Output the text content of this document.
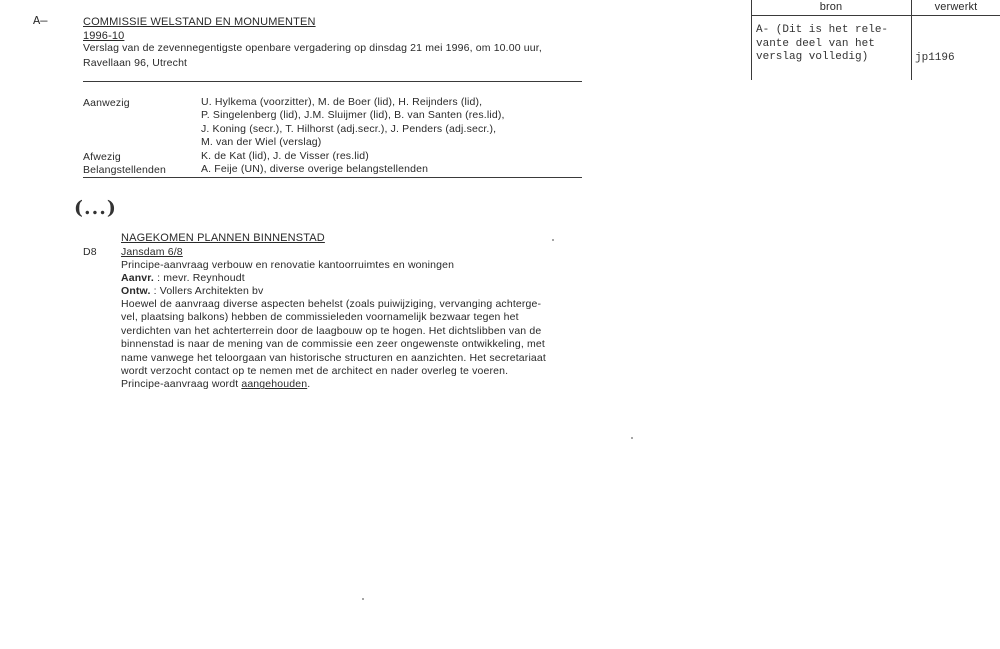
A—	COMMISSIE WELSTAND EN MONUMENTEN
1996-10
Verslag van de zevennegentigste openbare vergadering op dinsdag 21 mei 1996, om 10.00 uur,
Ravellaan 96, Utrecht
bron	verwerkt
A- (Dit is het rele-
vante deel van het
verslag volledig)	jp1196
Aanwezig	U. Hylkema (voorzitter), M. de Boer (lid), H. Reijnders (lid),
P. Singelenberg (lid), J.M. Sluijmer (lid), B. van Santen (res.lid),
J. Koning (secr.), T. Hilhorst (adj.secr.), J. Penders (adj.secr.),
M. van der Wiel (verslag)
Afwezig	K. de Kat (lid), J. de Visser (res.lid)
Belangstellenden	A. Feije (UN), diverse overige belangstellenden
(...)
NAGEKOMEN PLANNEN BINNENSTAD
D8 Jansdam 6/8
Principe-aanvraag verbouw en renovatie kantoorruimtes en woningen
Aanvr. : mevr. Reynhoudt
Ontw. : Vollers Architekten bv
Hoewel de aanvraag diverse aspecten behelst (zoals puiwijziging, vervanging achterge-
vel, plaatsing balkons) hebben de commissieleden voornamelijk bezwaar tegen het
verdichten van het achterterrein door de laagbouw op te hogen. Het dichtslibben van de
binnenstad is naar de mening van de commissie een zeer ongewenste ontwikkeling, met
name vanwege het teloorgaan van historische structuren en aanzichten. Het secretariaat
wordt verzocht contact op te nemen met de architect en nader overleg te voeren.
Principe-aanvraag wordt aangehouden.
